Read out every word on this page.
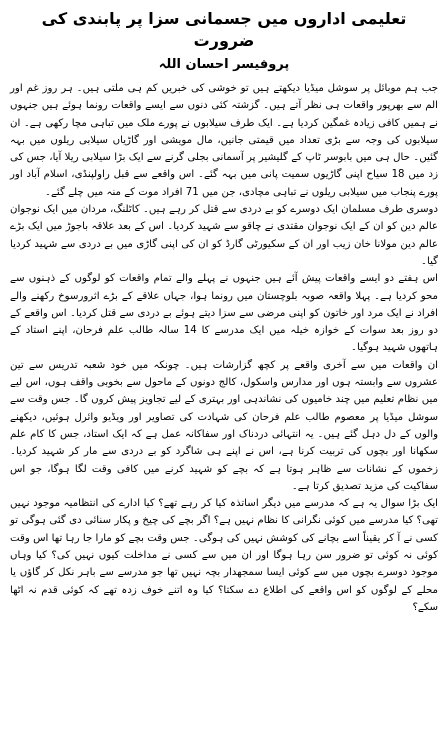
تعلیمی اداروں میں جسمانی سزا پر پابندی کی ضرورت
پروفیسر احسان اللہ

جب ہم موبائل پر سوشل میڈیا دیکھتے ہیں تو خوشی کی خبریں کم ہی ملتی ہیں۔ ہر روز غم اور الم سے بھرپور واقعات ہی نظر آتے ہیں۔ گزشتہ کئی دنوں سے ایسے واقعات رونما ہوئے ہیں جنہوں نے ہمیں کافی زیادہ غمگین کردیا ہے۔ ایک طرف سیلابوں نے پورے ملک میں تباہی مچا رکھی ہے۔ ان سیلابوں کی وجہ سے بڑی تعداد میں قیمتی جانیں، مال مویشی اور گاڑیاں سیلابی ریلوں میں بہہ گئیں۔ حال ہی میں بابوسر ٹاپ کے گلیشیر پر آسمانی بجلی گرنے سے ایک بڑا سیلابی ریلا آیا، جس کی زد میں 18 سیاح اپنی گاڑیوں سمیت پانی میں بہہ گئے۔ اس واقعے سے قبل راولپنڈی، اسلام آباد اور پورے پنجاب میں سیلابی ریلوں نے تباہی مچادی، جن میں 71 افراد موت کے منہ میں چلے گئے۔

دوسری طرف مسلمان ایک دوسرے کو بے دردی سے قتل کر رہے ہیں۔ کاٹلنگ، مردان میں ایک نوجوان عالم دین کو ان کے ایک نوجوان مقتدی نے چاقو سے شہید کردیا۔ اس کے بعد علاقہ باجوڑ میں ایک بڑے عالم دین مولانا خان زیب اور ان کے سکیورٹی گارڈ کو ان کی اپنی گاڑی میں بے دردی سے شہید کردیا گیا۔

اس ہفتے دو ایسے واقعات پیش آئے ہیں جنہوں نے پہلے والے تمام واقعات کو لوگوں کے ذہنوں سے محو کردیا ہے۔ پہلا واقعہ صوبہ بلوچستان میں رونما ہوا، جہاں علاقے کے بڑے اثرورسوخ رکھنے والے افراد نے ایک مرد اور خاتون کو اپنی مرضی سے سزا دیتے ہوئے بے دردی سے قتل کردیا۔ اس واقعے کے دو روز بعد سوات کے خوازہ خیلہ میں ایک مدرسے کا 14 سالہ طالب علم فرحان، اپنے استاد کے ہاتھوں شہید ہوگیا۔

ان واقعات میں سے آخری واقعے پر کچھ گزارشات ہیں۔ چونکہ میں خود شعبہ تدریس سے تین عشروں سے وابستہ ہوں اور مدارس واسکول، کالج دونوں کے ماحول سے بخوبی واقف ہوں، اس لیے میں نظام تعلیم میں چند خامیوں کی نشاندہی اور بہتری کے لیے تجاویز پیش کروں گا۔ جس وقت سے سوشل میڈیا پر معصوم طالب علم فرحان کی شہادت کی تصاویر اور ویڈیو وائرل ہوئیں، دیکھنے والوں کے دل دہل گئے ہیں۔ یہ انتہائی دردناک اور سفاکانہ عمل ہے کہ ایک استاد، جس کا کام علم سکھانا اور بچوں کی تربیت کرنا ہے، اس نے اپنے ہی شاگرد کو بے دردی سے مار کر شہید کردیا۔ زخموں کے نشانات سے ظاہر ہوتا ہے کہ بچے کو شہید کرنے میں کافی وقت لگا ہوگا، جو اس سفاکیت کی مزید تصدیق کرتا ہے۔

ایک بڑا سوال یہ ہے کہ مدرسے میں دیگر اساتذہ کیا کر رہے تھے؟ کیا ادارے کی انتظامیہ موجود نہیں تھی؟ کیا مدرسے میں کوئی نگرانی کا نظام نہیں ہے؟ اگر بچے کی چیخ و پکار سنائی دی گئی ہوگی تو کسی نے آ کر یقیناً اسے بچانے کی کوشش نہیں کی ہوگی۔ جس وقت بچے کو مارا جا رہا تھا اس وقت کوئی نہ کوئی تو ضرور سن رہا ہوگا اور ان میں سے کسی نے مداخلت کیوں نہیں کی؟ کیا وہاں موجود دوسرے بچوں میں سے کوئی ایسا سمجھدار بچہ نہیں تھا جو مدرسے سے باہر نکل کر گاؤں یا محلے کے لوگوں کو اس واقعے کی اطلاع دے سکتا؟ کیا وہ اتنے خوف زدہ تھے کہ کوئی قدم نہ اٹھا سکے؟
